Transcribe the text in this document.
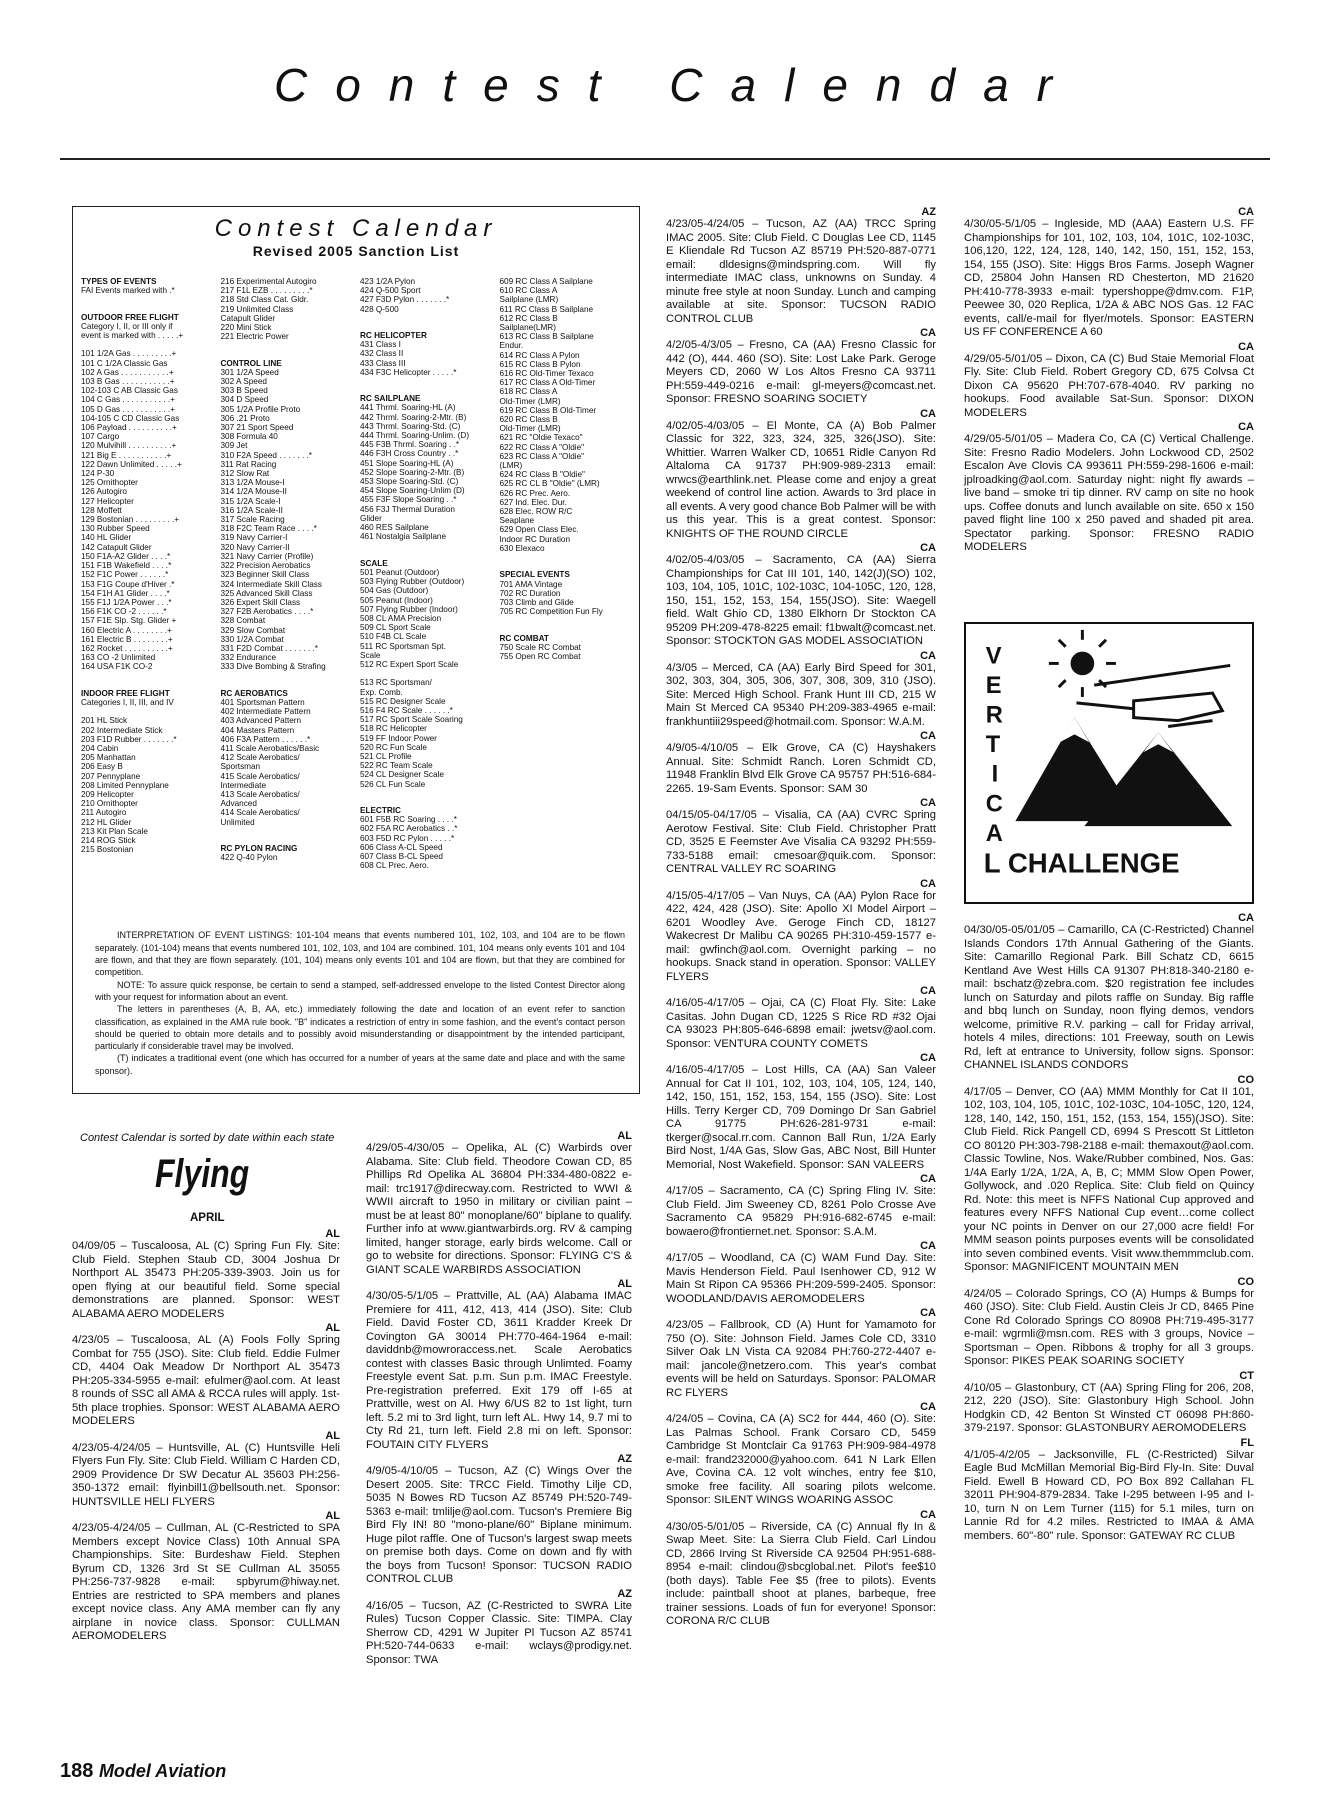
Contest Calendar
Contest Calendar
Revised 2005 Sanction List
TYPES OF EVENTS
FAI Events marked with .*

OUTDOOR FREE FLIGHT
Category I, II, or III only if
event is marked with . . . . .+

101 1/2A Gas . . . . . . . . .+
101 C 1/2A Classic Gas
102 A Gas . . . . . . . . . . .+
103 B Gas . . . . . . . . . . .+
102-103 C AB Classic Gas
104 C Gas . . . . . . . . . . .+
105 D Gas . . . . . . . . . . .+
104-105 C CD Classic Gas
106 Payload . . . . . . . . . .+
107 Cargo
120 Mulvihill . . . . . . . . . .+
121 Big E . . . . . . . . . . .+
122 Dawn Unlimited . . . . .+
124 P-30
125 Ornithopter
126 Autogiro
127 Helicopter
128 Moffett
129 Bostonian . . . . . . . . .+
130 Rubber Speed
140 HL Glider
142 Catapult Glider
150 F1A-A2 Glider . . . .*
151 F1B Wakefield . . . .*
152 F1C Power . . . . . .*
153 F1G Coupe d'Hiver .*
154 F1H A1 Glider . . . .*
155 F1J 1/2A Power . . .*
156 F1K CO -2 . . . . . .*
157 F1E Slp. Stg. Glider +
160 Electric A . . . . . . . .+
161 Electric B . . . . . . . .+
162 Rocket . . . . . . . . . .+
163 CO -2 Unlimited
164 USA F1K CO-2

INDOOR FREE FLIGHT
Categories I, II, III, and IV

201 HL Stick
202 Intermediate Stick
203 F1D Rubber . . . . . . .*
204 Cabin
205 Manhattan
206 Easy B
207 Pennyplane
208 Limited Pennyplane
209 Helicopter
210 Ornithopter
211 Autogiro
212 HL Glider
213 Kit Plan Scale
214 ROG Stick
215 Bostonian
216 Experimental Autogiro
217 F1L EZB . . . . . . . . .*
218 Std Class Cat. Gldr.
219 Unlimited Class
Catapult Glider
220 Mini Stick
221 Electric Power

CONTROL LINE
301 1/2A Speed
302 A Speed
303 B Speed
304 D Speed
305 1/2A Profile Proto
306 .21 Proto
307 21 Sport Speed
308 Formula 40
309 Jet
310 F2A Speed . . . . . . .*
311 Rat Racing
312 Slow Rat
313 1/2A Mouse-I
314 1/2A Mouse-II
315 1/2A Scale-I
316 1/2A Scale-II
317 Scale Racing
318 F2C Team Race . . . .*
319 Navy Carrier-I
320 Navy Carrier-II
321 Navy Carrier (Profile)
322 Precision Aerobatics
323 Beginner Skill Class
324 Intermediate Skill Class
325 Advanced Skill Class
326 Expert Skill Class
327 F2B Aerobatics . . . .*
328 Combat
329 Slow Combat
330 1/2A Combat
331 F2D Combat . . . . . . .*
332 Endurance
333 Dive Bombing & Strafing

RC AEROBATICS
401 Sportsman Pattern
402 Intermediate Pattern
403 Advanced Pattern
404 Masters Pattern
406 F3A Pattern . . . . . .*
411 Scale Aerobatics/Basic
412 Scale Aerobatics/
Sportsman
415 Scale Aerobatics/
Intermediate
413 Scale Aerobatics/
Advanced
414 Scale Aerobatics/
Unlimited

RC PYLON RACING
422 Q-40 Pylon
423 1/2A Pylon
424 Q-500 Sport
427 F3D Pylon . . . . . . .*
428 Q-500

RC HELICOPTER
431 Class I
432 Class II
433 Class III
434 F3C Helicopter . . . . .*

RC SAILPLANE
441 Thrml. Soaring-HL (A)
442 Thrml. Soaring-2-Mtr. (B)
443 Thrml. Soaring-Std. (C)
444 Thrml. Soaring-Unlim. (D)
445 F3B Thrml. Soaring . .*
446 F3H Cross Country . .*
451 Slope Soaring-HL (A)
452 Slope Soaring-2-Mtr. (B)
453 Slope Soaring-Std. (C)
454 Slope Soaring-Unlim (D)
455 F3F Slope Soaring . .*
456 F3J Thermal Duration
Glider
460 RES Sailplane
461 Nostalgia Sailplane

SCALE
501 Peanut (Outdoor)
503 Flying Rubber (Outdoor)
504 Gas (Outdoor)
505 Peanut (Indoor)
507 Flying Rubber (Indoor)
508 CL AMA Precision
509 CL Sport Scale
510 F4B CL Scale
511 RC Sportsman Spt.
Scale
512 RC Expert Sport Scale

513 RC Sportsman/
Exp. Comb.
515 RC Designer Scale
516 F4 RC Scale . . . . . .*
517 RC Sport Scale Soaring
518 RC Helicopter
519 FF Indoor Power
520 RC Fun Scale
521 CL Profile
522 RC Team Scale
524 CL Designer Scale
526 CL Fun Scale

ELECTRIC
601 F5B RC Soaring . . . .*
602 F5A RC Aerobatics . .*
603 F5D RC Pylon . . . . .*
606 Class A-CL Speed
607 Class B-CL Speed
608 CL Prec. Aero.
609 RC Class A Sailplane
610 RC Class A
Sailplane (LMR)
611 RC Class B Sailplane
612 RC Class B
Sailplane(LMR)
613 RC Class B Sailplane
Endur.
614 RC Class A Pylon
615 RC Class B Pylon
616 RC Old-Timer Texaco
617 RC Class A Old-Timer
618 RC Class A
Old-Timer (LMR)
619 RC Class B Old-Timer
620 RC Class B
Old-Timer (LMR)
621 RC "Oldie Texaco"
622 RC Class A "Oldie"
623 RC Class A "Oldie"
(LMR)
624 RC Class B "Oldie"
625 RC CL B "Oldie" (LMR)
626 RC Prec. Aero.
627 Ind. Elec. Dur.
628 Elec. ROW R/C
Seaplane
629 Open Class Elec.
Indoor RC Duration
630 Elexaco

SPECIAL EVENTS
701 AMA Vintage
702 RC Duration
703 Climb and Glide
705 RC Competition Fun Fly

RC COMBAT
750 Scale RC Combat
755 Open RC Combat

INTERPRETATION OF EVENT LISTINGS: 101-104 means that events numbered 101, 102, 103, and 104 are to be flown separately. (101-104) means that events numbered 101, 102, 103, and 104 are combined. 101, 104 means only events 101 and 104 are flown, and that they are flown separately. (101, 104) means only events 101 and 104 are flown, but that they are combined for competition.

NOTE: To assure quick response, be certain to send a stamped, self-addressed envelope to the listed Contest Director along with your request for information about an event.

The letters in parentheses (A, B, AA, etc.) immediately following the date and location of an event refer to sanction classification, as explained in the AMA rule book. "B" indicates a restriction of entry in some fashion, and the event's contact person should be queried to obtain more details and to possibly avoid misunderstanding or disappointment by the intended participant, particularly if considerable travel may be involved.

(T) indicates a traditional event (one which has occurred for a number of years at the same date and place and with the same sponsor).

Contest Calendar is sorted by date within each state
Flying
APRIL
AL
04/09/05 – Tuscaloosa, AL (C) Spring Fun Fly. Site: Club Field. Stephen Staub CD, 3004 Joshua Dr Northport AL 35473 PH:205-339-3903. Join us for open flying at our beautiful field. Some special demonstrations are planned. Sponsor: WEST ALABAMA AERO MODELERS
AL
4/23/05 – Tuscaloosa, AL (A) Fools Folly Spring Combat for 755 (JSO). Site: Club field. Eddie Fulmer CD, 4404 Oak Meadow Dr Northport AL 35473 PH:205-334-5955 e-mail: efulmer@aol.com. At least 8 rounds of SSC all AMA & RCCA rules will apply. 1st-5th place trophies. Sponsor: WEST ALABAMA AERO MODELERS
AL
4/23/05-4/24/05 – Huntsville, AL (C) Huntsville Heli Flyers Fun Fly. Site: Club Field. William C Harden CD, 2909 Providence Dr SW Decatur AL 35603 PH:256-350-1372 email: flyinbill1@bellsouth.net. Sponsor: HUNTSVILLE HELI FLYERS
AL
4/23/05-4/24/05 – Cullman, AL (C-Restricted to SPA Members except Novice Class) 10th Annual SPA Championships. Site: Burdeshaw Field. Stephen Byrum CD, 1326 3rd St SE Cullman AL 35055 PH:256-737-9828 e-mail: spbyrum@hiway.net. Entries are restricted to SPA members and planes except novice class. Any AMA member can fly any airplane in novice class. Sponsor: CULLMAN AEROMODELERS
AL
4/29/05-4/30/05 – Opelika, AL (C) Warbirds over Alabama. Site: Club field. Theodore Cowan CD, 85 Phillips Rd Opelika AL 36804 PH:334-480-0822 e-mail: trc1917@direcway.com. Restricted to WWI & WWII aircraft to 1950 in military or civilian paint – must be at least 80" monoplane/60" biplane to qualify. Further info at www.giantwarbirds.org. RV & camping limited, hanger storage, early birds welcome. Call or go to website for directions. Sponsor: FLYING C'S & GIANT SCALE WARBIRDS ASSOCIATION
AL
4/30/05-5/1/05 – Prattville, AL (AA) Alabama IMAC Premiere for 411, 412, 413, 414 (JSO). Site: Club Field. David Foster CD, 3611 Kradder Kreek Dr Covington GA 30014 PH:770-464-1964 e-mail: daviddnb@mowroraccess.net. Scale Aerobatics contest with classes Basic through Unlimted. Foamy Freestyle event Sat. p.m. Sun p.m. IMAC Freestyle. Pre-registration preferred. Exit 179 off I-65 at Prattville, west on Al. Hwy 6/US 82 to 1st light, turn left. 5.2 mi to 3rd light, turn left AL. Hwy 14, 9.7 mi to Cty Rd 21, turn left. Field 2.8 mi on left. Sponsor: FOUTAIN CITY FLYERS
AZ
4/9/05-4/10/05 – Tucson, AZ (C) Wings Over the Desert 2005. Site: TRCC Field. Timothy Lilje CD, 5035 N Bowes RD Tucson AZ 85749 PH:520-749-5363 e-mail: tmlilje@aol.com. Tucson's Premiere Big Bird Fly IN! 80 "mono-plane/60" Biplane minimum. Huge pilot raffle. One of Tucson's largest swap meets on premise both days. Come on down and fly with the boys from Tucson! Sponsor: TUCSON RADIO CONTROL CLUB
AZ
4/16/05 – Tucson, AZ (C-Restricted to SWRA Lite Rules) Tucson Copper Classic. Site: TIMPA. Clay Sherrow CD, 4291 W Jupiter Pl Tucson AZ 85741 PH:520-744-0633 e-mail: wclays@prodigy.net. Sponsor: TWA
AZ
4/23/05-4/24/05 – Tucson, AZ (AA) TRCC Spring IMAC 2005. Site: Club Field. C Douglas Lee CD, 1145 E Kliendale Rd Tucson AZ 85719 PH:520-887-0771 email: dldesigns@mindspring.com. Will fly intermediate IMAC class, unknowns on Sunday. 4 minute free style at noon Sunday. Lunch and camping available at site. Sponsor: TUCSON RADIO CONTROL CLUB
CA
4/2/05-4/3/05 – Fresno, CA (AA) Fresno Classic for 442 (O), 444. 460 (SO). Site: Lost Lake Park. Geroge Meyers CD, 2060 W Los Altos Fresno CA 93711 PH:559-449-0216 e-mail: gl-meyers@comcast.net. Sponsor: FRESNO SOARING SOCIETY
CA
4/02/05-4/03/05 – El Monte, CA (A) Bob Palmer Classic for 322, 323, 324, 325, 326(JSO). Site: Whittier. Warren Walker CD, 10651 Ridle Canyon Rd Altaloma CA 91737 PH:909-989-2313 email: wrwcs@earthlink.net. Please come and enjoy a great weekend of control line action. Awards to 3rd place in all events. A very good chance Bob Palmer will be with us this year. This is a great contest. Sponsor: KNIGHTS OF THE ROUND CIRCLE
CA
4/02/05-4/03/05 – Sacramento, CA (AA) Sierra Championships for Cat III 101, 140, 142(J)(SO) 102, 103, 104, 105, 101C, 102-103C, 104-105C, 120, 128, 150, 151, 152, 153, 154, 155(JSO). Site: Waegell field. Walt Ghio CD, 1380 Elkhorn Dr Stockton CA 95209 PH:209-478-8225 email: f1bwalt@comcast.net. Sponsor: STOCKTON GAS MODEL ASSOCIATION
CA
4/3/05 – Merced, CA (AA) Early Bird Speed for 301, 302, 303, 304, 305, 306, 307, 308, 309, 310 (JSO). Site: Merced High School. Frank Hunt III CD, 215 W Main St Merced CA 95340 PH:209-383-4965 e-mail: frankhuntiii29speed@hotmail.com. Sponsor: W.A.M.
CA
4/9/05-4/10/05 – Elk Grove, CA (C) Hayshakers Annual. Site: Schmidt Ranch. Loren Schmidt CD, 11948 Franklin Blvd Elk Grove CA 95757 PH:516-684-2265. 19-Sam Events. Sponsor: SAM 30
CA
04/15/05-04/17/05 – Visalia, CA (AA) CVRC Spring Aerotow Festival. Site: Club Field. Christopher Pratt CD, 3525 E Feemster Ave Visalia CA 93292 PH:559-733-5188 email: cmesoar@quik.com. Sponsor: CENTRAL VALLEY RC SOARING
CA
4/15/05-4/17/05 – Van Nuys, CA (AA) Pylon Race for 422, 424, 428 (JSO). Site: Apollo XI Model Airport – 6201 Woodley Ave. Geroge Finch CD, 18127 Wakecrest Dr Malibu CA 90265 PH:310-459-1577 e-mail: gwfinch@aol.com. Overnight parking – no hookups. Snack stand in operation. Sponsor: VALLEY FLYERS
CA
4/16/05-4/17/05 – Ojai, CA (C) Float Fly. Site: Lake Casitas. John Dugan CD, 1225 S Rice RD #32 Ojai CA 93023 PH:805-646-6898 email: jwetsv@aol.com. Sponsor: VENTURA COUNTY COMETS
CA
4/16/05-4/17/05 – Lost Hills, CA (AA) San Valeer Annual for Cat II 101, 102, 103, 104, 105, 124, 140, 142, 150, 151, 152, 153, 154, 155 (JSO). Site: Lost Hills. Terry Kerger CD, 709 Domingo Dr San Gabriel CA 91775 PH:626-281-9731 e-mail: tkerger@socal.rr.com. Cannon Ball Run, 1/2A Early Bird Nost, 1/4A Gas, Slow Gas, ABC Nost, Bill Hunter Memorial, Nost Wakefield. Sponsor: SAN VALEERS
CA
4/17/05 – Sacramento, CA (C) Spring Fling IV. Site: Club Field. Jim Sweeney CD, 8261 Polo Crosse Ave Sacramento CA 95829 PH:916-682-6745 e-mail: bowaero@frontiernet.net. Sponsor: S.A.M.
CA
4/17/05 – Woodland, CA (C) WAM Fund Day. Site: Mavis Henderson Field. Paul Isenhower CD, 912 W Main St Ripon CA 95366 PH:209-599-2405. Sponsor: WOODLAND/DAVIS AEROMODELERS
CA
4/23/05 – Fallbrook, CD (A) Hunt for Yamamoto for 750 (O). Site: Johnson Field. James Cole CD, 3310 Silver Oak LN Vista CA 92084 PH:760-272-4407 e-mail: jancole@netzero.com. This year's combat events will be held on Saturdays. Sponsor: PALOMAR RC FLYERS
CA
4/24/05 – Covina, CA (A) SC2 for 444, 460 (O). Site: Las Palmas School. Frank Corsaro CD, 5459 Cambridge St Montclair Ca 91763 PH:909-984-4978 e-mail: frand232000@yahoo.com. 641 N Lark Ellen Ave, Covina CA. 12 volt winches, entry fee $10, smoke free facility. All soaring pilots welcome. Sponsor: SILENT WINGS WOARING ASSOC
CA
4/30/05-5/01/05 – Riverside, CA (C) Annual fly In & Swap Meet. Site: La Sierra Club Field. Carl Lindou CD, 2866 Irving St Riverside CA 92504 PH:951-688-8954 e-mail: clindou@sbcglobal.net. Pilot's fee$10 (both days). Table Fee $5 (free to pilots). Events include: paintball shoot at planes, barbeque, free trainer sessions. Loads of fun for everyone! Sponsor: CORONA R/C CLUB
CA
4/30/05-5/1/05 – Ingleside, MD (AAA) Eastern U.S. FF Championships for 101, 102, 103, 104, 101C, 102-103C, 106,120, 122, 124, 128, 140, 142, 150, 151, 152, 153, 154, 155 (JSO). Site: Higgs Bros Farms. Joseph Wagner CD, 25804 John Hansen RD Chesterton, MD 21620 PH:410-778-3933 e-mail: typershoppe@dmv.com. F1P, Peewee 30, 020 Replica, 1/2A & ABC NOS Gas. 12 FAC events, call/e-mail for flyer/motels. Sponsor: EASTERN US FF CONFERENCE A 60
CA
4/29/05-5/01/05 – Dixon, CA (C) Bud Staie Memorial Float Fly. Site: Club Field. Robert Gregory CD, 675 Colvsa Ct Dixon CA 95620 PH:707-678-4040. RV parking no hookups. Food available Sat-Sun. Sponsor: DIXON MODELERS
CA
4/29/05-5/01/05 – Madera Co, CA (C) Vertical Challenge. Site: Fresno Radio Modelers. John Lockwood CD, 2502 Escalon Ave Clovis CA 993611 PH:559-298-1606 e-mail: jplroadking@aol.com. Saturday night: night fly awards – live band – smoke tri tip dinner. RV camp on site no hook ups. Coffee donuts and lunch available on site. 650 x 150 paved flight line 100 x 250 paved and shaded pit area. Spectator parking. Sponsor: FRESNO RADIO MODELERS
CA
04/30/05-05/01/05 – Camarillo, CA (C-Restricted) Channel Islands Condors 17th Annual Gathering of the Giants. Site: Camarillo Regional Park. Bill Schatz CD, 6615 Kentland Ave West Hills CA 91307 PH:818-340-2180 e-mail: bschatz@zebra.com. $20 registration fee includes lunch on Saturday and pilots raffle on Sunday. Big raffle and bbq lunch on Sunday, noon flying demos, vendors welcome, primitive R.V. parking – call for Friday arrival, hotels 4 miles, directions: 101 Freeway, south on Lewis Rd, left at entrance to University, follow signs. Sponsor: CHANNEL ISLANDS CONDORS
CO
4/17/05 – Denver, CO (AA) MMM Monthly for Cat II 101, 102, 103, 104, 105, 101C, 102-103C, 104-105C, 120, 124, 128, 140, 142, 150, 151, 152, (153, 154, 155)(JSO). Site: Club Field. Rick Pangell CD, 6994 S Prescott St Littleton CO 80120 PH:303-798-2188 e-mail: themaxout@aol.com. Classic Towline, Nos. Wake/Rubber combined, Nos. Gas: 1/4A Early 1/2A, 1/2A, A, B, C; MMM Slow Open Power, Gollywock, and .020 Replica. Site: Club field on Quincy Rd. Note: this meet is NFFS National Cup approved and features every NFFS National Cup event…come collect your NC points in Denver on our 27,000 acre field! For MMM season points purposes events will be consolidated into seven combined events. Visit www.themmmclub.com. Sponsor: MAGNIFICENT MOUNTAIN MEN
CO
4/24/05 – Colorado Springs, CO (A) Humps & Bumps for 460 (JSO). Site: Club Field. Austin Cleis Jr CD, 8465 Pine Cone Rd Colorado Springs CO 80908 PH:719-495-3177 e-mail: wgrmli@msn.com. RES with 3 groups, Novice – Sportsman – Open. Ribbons & trophy for all 3 groups. Sponsor: PIKES PEAK SOARING SOCIETY
CT
4/10/05 – Glastonbury, CT (AA) Spring Fling for 206, 208, 212, 220 (JSO). Site: Glastonbury High School. John Hodgkin CD, 42 Benton St Winsted CT 06098 PH:860-379-2197. Sponsor: GLASTONBURY AEROMODELERS
FL
4/1/05-4/2/05 – Jacksonville, FL (C-Restricted) Silvar Eagle Bud McMillan Memorial Big-Bird Fly-In. Site: Duval Field. Ewell B Howard CD, PO Box 892 Callahan FL 32011 PH:904-879-2834. Take I-295 between I-95 and I-10, turn N on Lem Turner (115) for 5.1 miles, turn on Lannie Rd for 4.2 miles. Restricted to IMAA & AMA members. 60"-80" rule. Sponsor: GATEWAY RC CLUB
V
E
R
T
I
C
A
L CHALLENGE
188 Model Aviation
